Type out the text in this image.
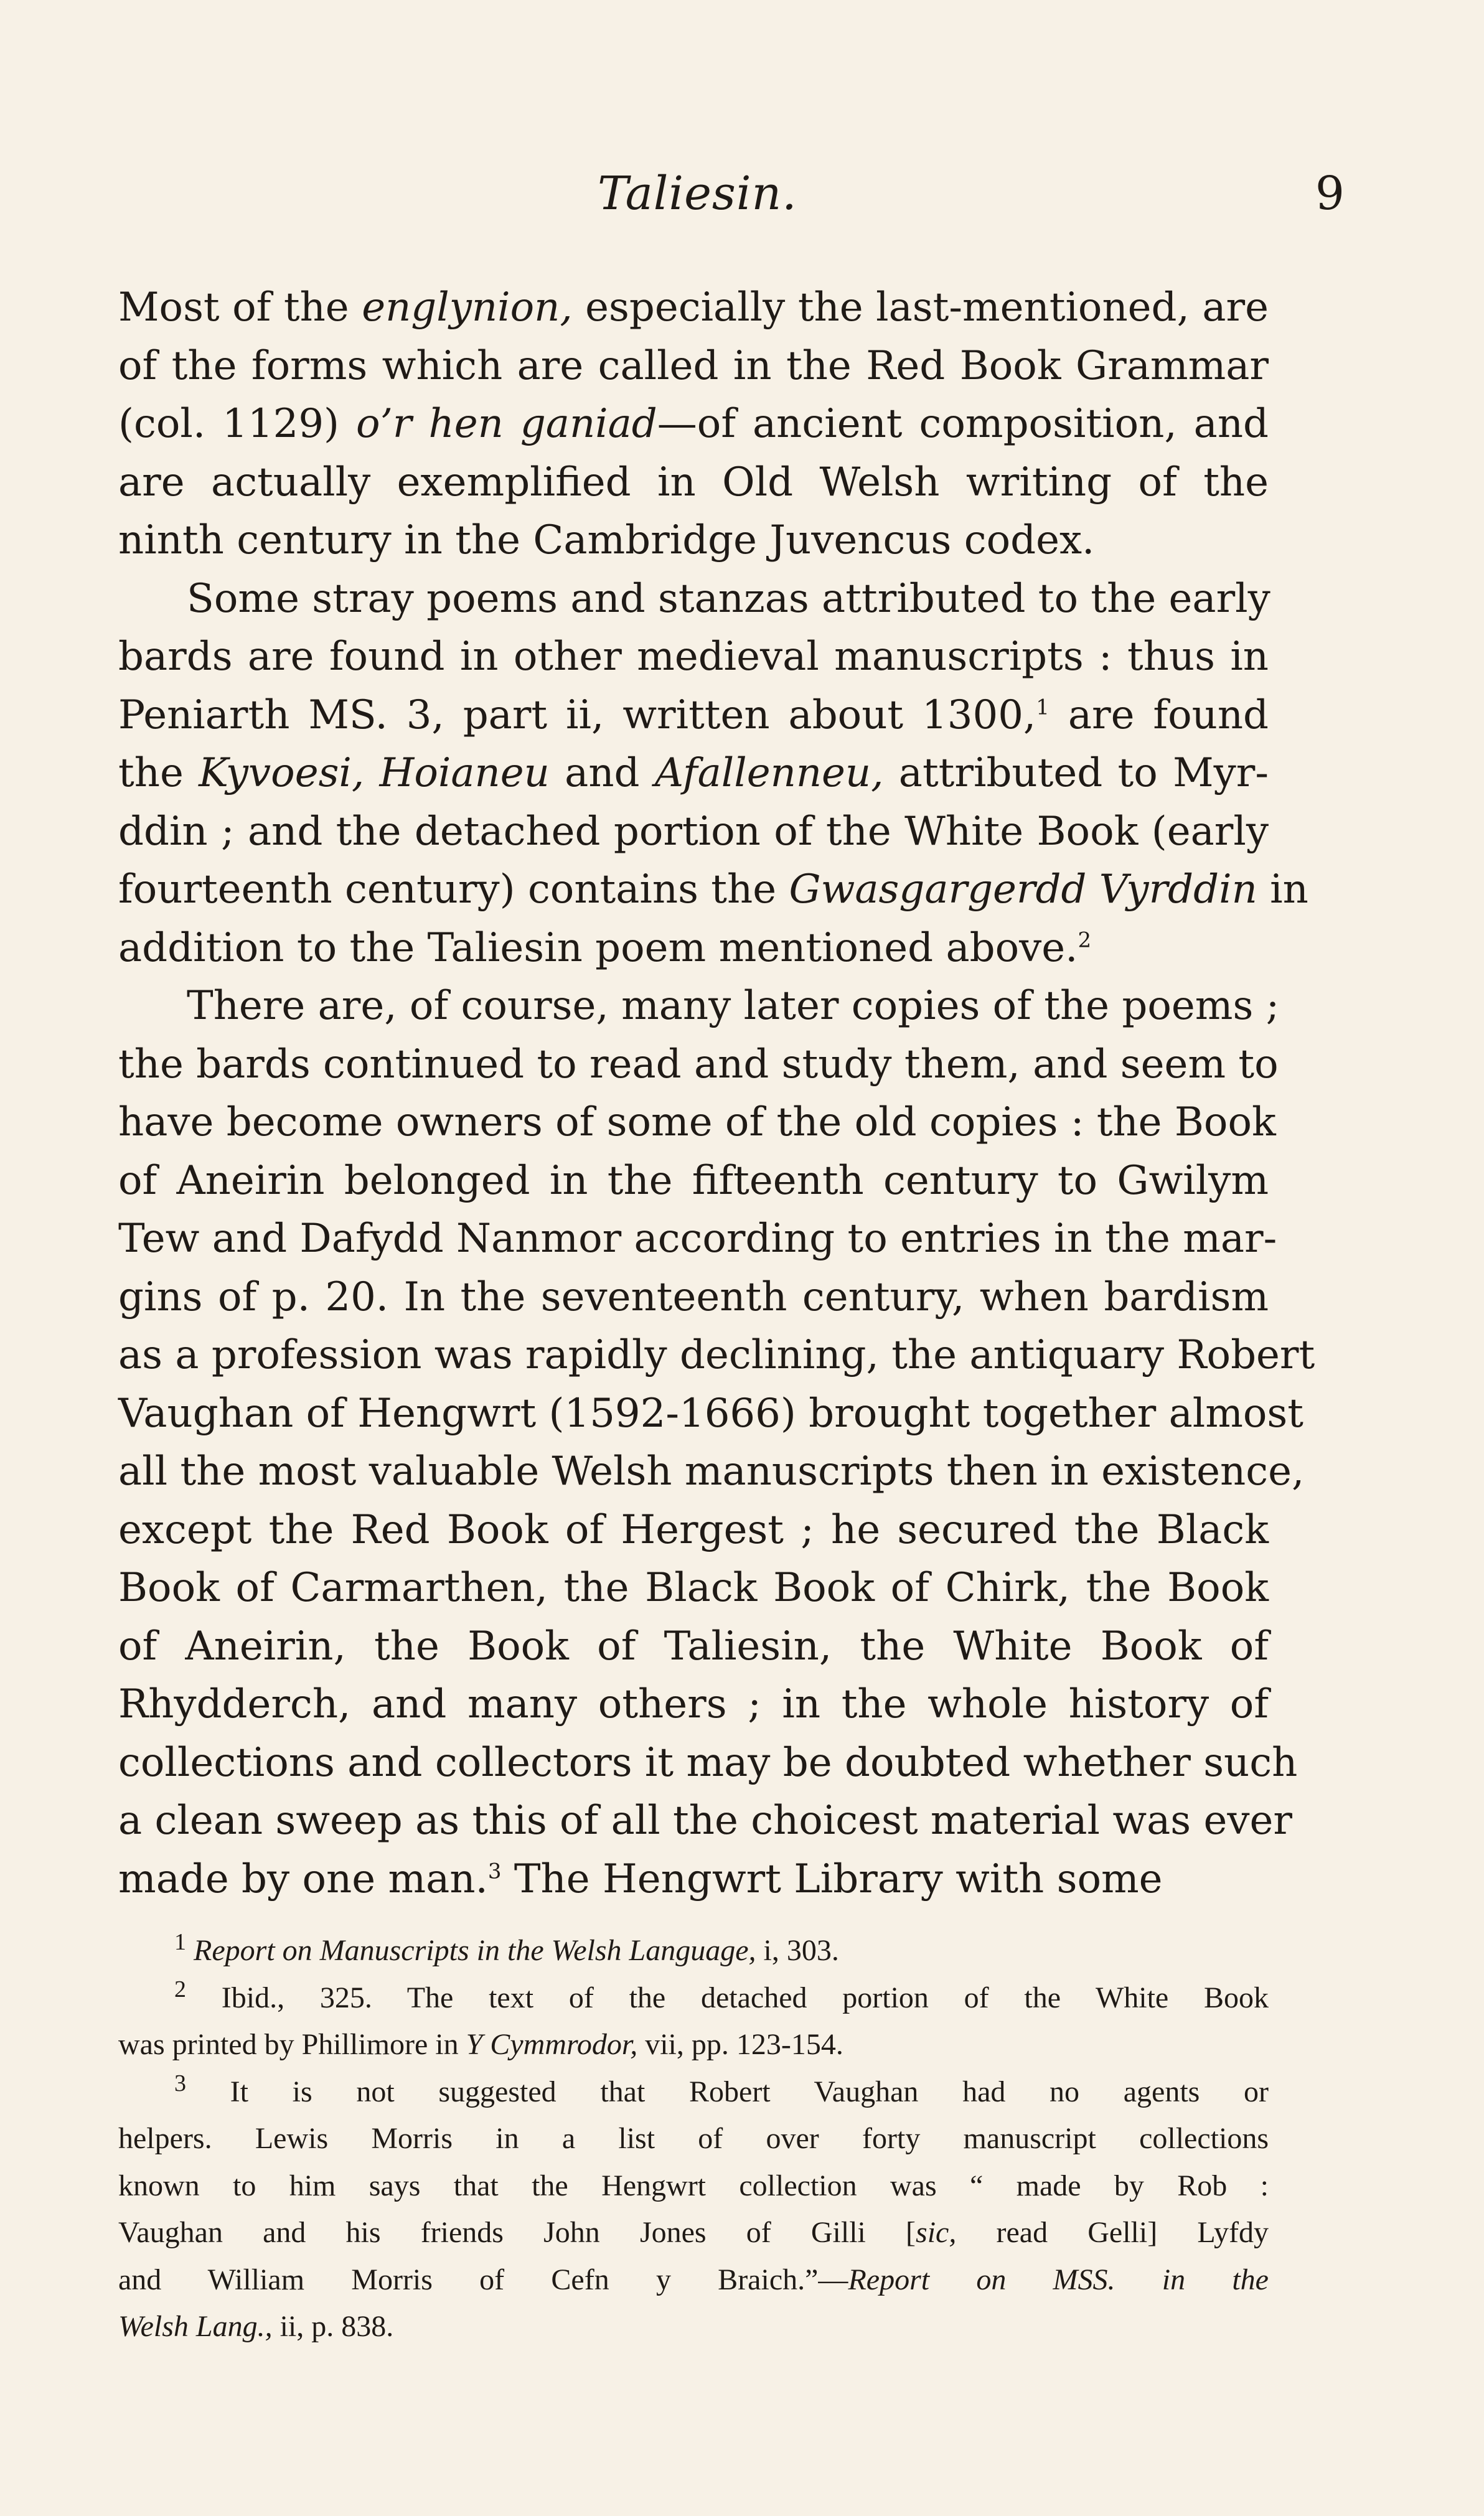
Taliesin.	9
Most of the englynion, especially the last-mentioned, are
of the forms which are called in the Red Book Grammar
(col. 1129) o’r hen ganiad—of ancient composition, and
are actually exemplified in Old Welsh writing of the
ninth century in the Cambridge Juvencus codex.
Some stray poems and stanzas attributed to the early
bards are found in other medieval manuscripts : thus in
Peniarth MS. 3, part ii, written about 1300,$^1$ are found
the Kyvoesi, Hoianeu and Afallenneu, attributed to Myr-
ddin ; and the detached portion of the White Book (early
fourteenth century) contains the Gwasgargerdd Vyrddin in
addition to the Taliesin poem mentioned above.$^2$
There are, of course, many later copies of the poems ;
the bards continued to read and study them, and seem to
have become owners of some of the old copies : the Book
of Aneirin belonged in the fifteenth century to Gwilym
Tew and Dafydd Nanmor according to entries in the mar-
gins of p. 20. In the seventeenth century, when bardism
as a profession was rapidly declining, the antiquary Robert
Vaughan of Hengwrt (1592-1666) brought together almost
all the most valuable Welsh manuscripts then in existence,
except the Red Book of Hergest ; he secured the Black
Book of Carmarthen, the Black Book of Chirk, the Book
of Aneirin, the Book of Taliesin, the White Book of
Rhydderch, and many others ; in the whole history of
collections and collectors it may be doubted whether such
a clean sweep as this of all the choicest material was ever
made by one man.$^3$ The Hengwrt Library with some
$^1$ Report on Manuscripts in the Welsh Language, i, 303.
$^2$ Ibid., 325. The text of the detached portion of the White Book
was printed by Phillimore in Y Cymmrodor, vii, pp. 123-154.
$^3$ It is not suggested that Robert Vaughan had no agents or
helpers. Lewis Morris in a list of over forty manuscript collections
known to him says that the Hengwrt collection was “ made by Rob :
Vaughan and his friends John Jones of Gilli [sic, read Gelli] Lyfdy
and William Morris of Cefn y Braich.”—Report on MSS. in the
Welsh Lang., ii, p. 838.
